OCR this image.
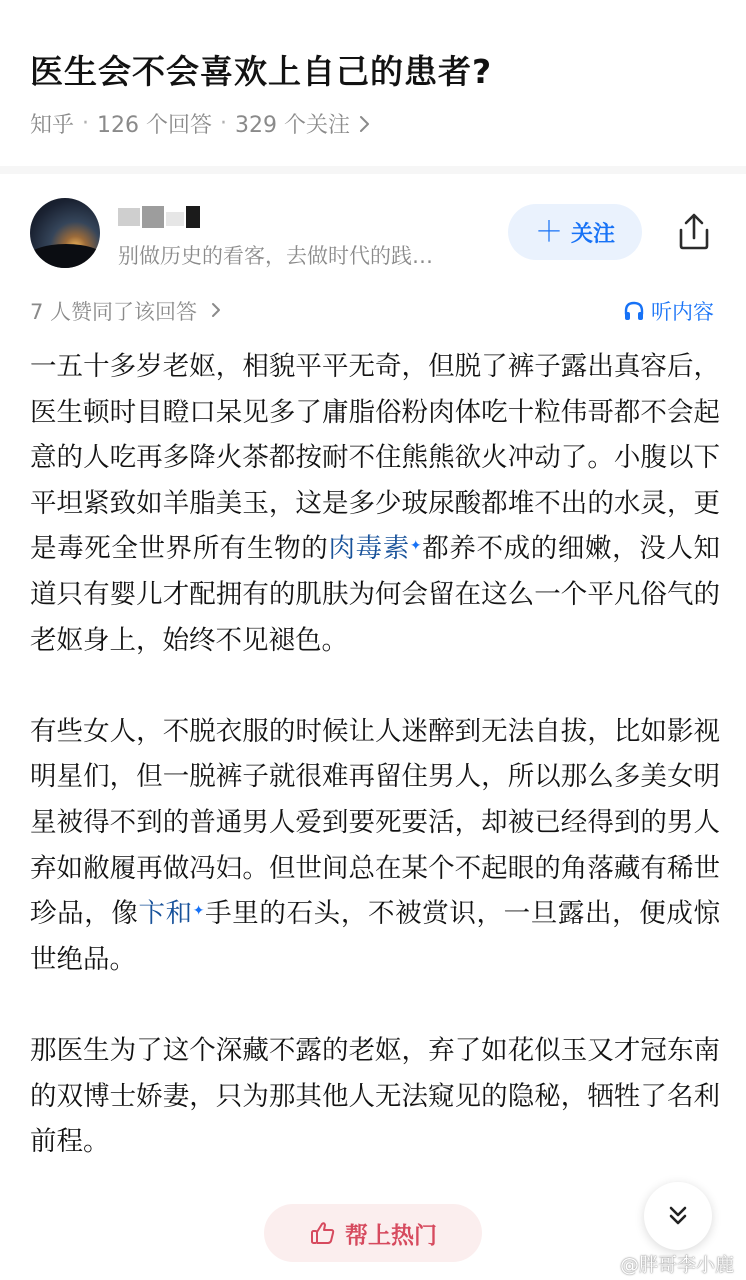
医生会不会喜欢上自己的患者?
知乎 · 126 个回答 · 329 个关注
别做历史的看客，去做时代的践…
＋ 关注
7 人赞同了该回答	听内容

一五十多岁老妪，相貌平平无奇，但脱了裤子露出真容后，医生顿时目瞪口呆见多了庸脂俗粉肉体吃十粒伟哥都不会起意的人吃再多降火茶都按耐不住熊熊欲火冲动了。小腹以下平坦紧致如羊脂美玉，这是多少玻尿酸都堆不出的水灵，更是毒死全世界所有生物的肉毒素✦都养不成的细嫩，没人知道只有婴儿才配拥有的肌肤为何会留在这么一个平凡俗气的老妪身上，始终不见褪色。

有些女人，不脱衣服的时候让人迷醉到无法自拔，比如影视明星们，但一脱裤子就很难再留住男人，所以那么多美女明星被得不到的普通男人爱到要死要活，却被已经得到的男人弃如敝履再做冯妇。但世间总在某个不起眼的角落藏有稀世珍品，像卞和✦手里的石头，不被赏识，一旦露出，便成惊世绝品。

那医生为了这个深藏不露的老妪，弃了如花似玉又才冠东南的双博士娇妻，只为那其他人无法窥见的隐秘，牺牲了名利前程。

帮上热门
@胖哥李小鹿
